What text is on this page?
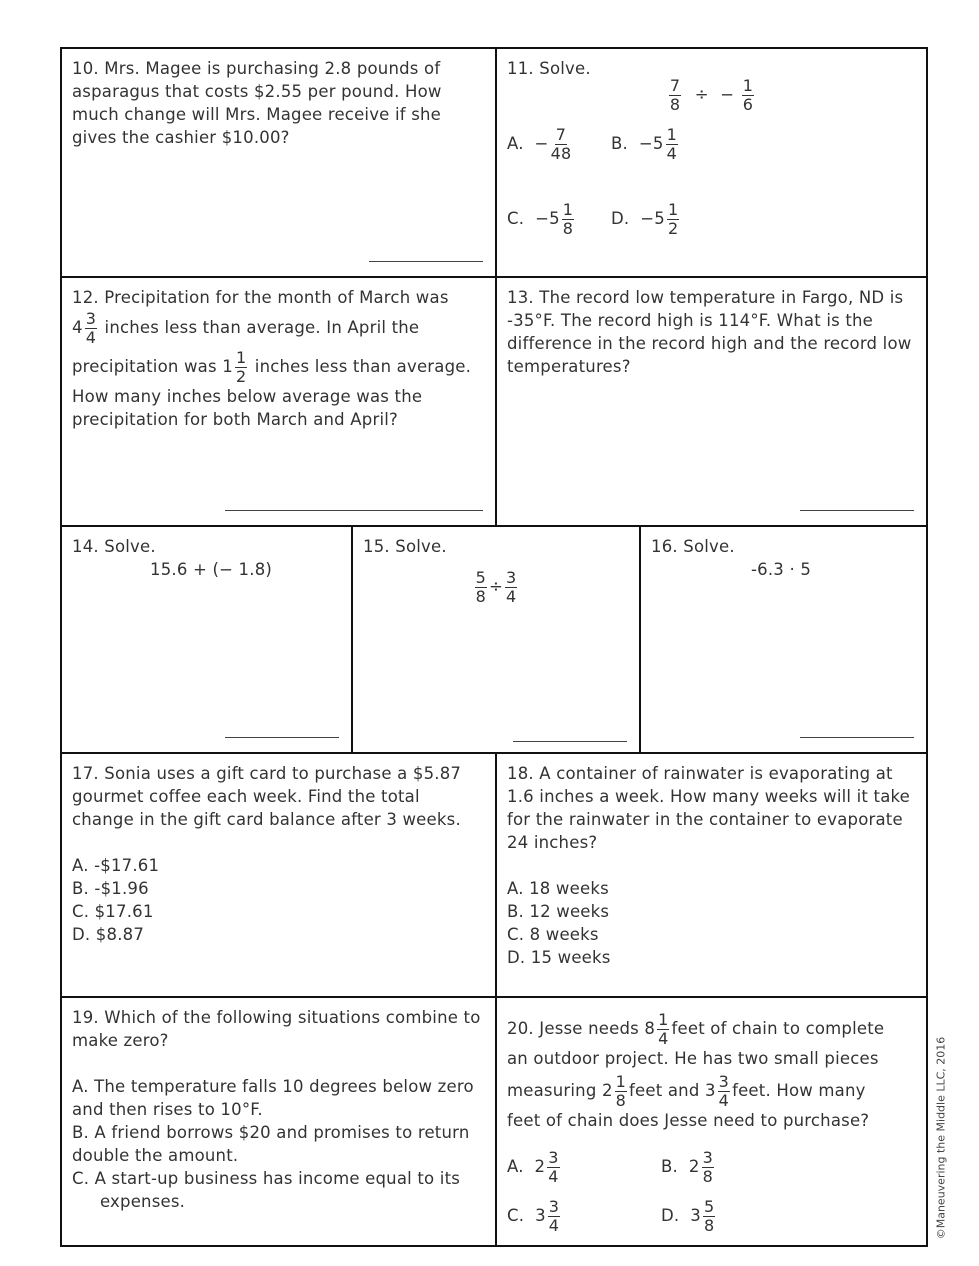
10. Mrs. Magee is purchasing 2.8 pounds of asparagus that costs $2.55 per pound. How much change will Mrs. Magee receive if she gives the cashier $10.00?

11. Solve.

$\frac{7}{8}$ ÷ − $\frac{1}{6}$
A. − $\frac{7}{48} B$. $-5 \frac{1}{4}$
C. $-5 \frac{1}{8} D$. $-5 \frac{1}{2}$

12. Precipitation for the month of March was

$4 \frac{3}{4}$ inches less than average. In April the

precipitation was $1 \frac{1}{2}$ inches less than average.

How many inches below average was the precipitation for both March and April?

13. The record low temperature in Fargo, ND is -35°F. The record high is 114°F. What is the difference in the record high and the record low temperatures?

14. Solve.

15.6 + (− 1.8)

15. Solve.

$\frac{5}{8} \div \frac{3}{4}$

16. Solve.

-6.3 · 5

17. Sonia uses a gift card to purchase a $5.87 gourmet coffee each week. Find the total change in the gift card balance after 3 weeks.

A. -$17.61

B. -$1.96

C. $17.61

D. $8.87

18. A container of rainwater is evaporating at 1.6 inches a week. How many weeks will it take for the rainwater in the container to evaporate 24 inches?

A. 18 weeks

B. 12 weeks

C. 8 weeks

D. 15 weeks

19. Which of the following situations combine to make zero?

A. The temperature falls 10 degrees below zero and then rises to 10°F.

B. A friend borrows $20 and promises to return double the amount.

C. A start-up business has income equal to its expenses.

20. Jesse needs $8 \frac{1}{4}$ feet of chain to complete

an outdoor project. He has two small pieces

measuring $2 \frac{1}{8}$ feet and $3 \frac{3}{4}$ feet. How many

feet of chain does Jesse need to purchase?

A. $2 \frac{3}{4}$	B. $2 \frac{3}{8}$
C. $3 \frac{3}{4}$	D. $3 \frac{5}{8}$	©Maneuvering the Middle LLC, 2016
